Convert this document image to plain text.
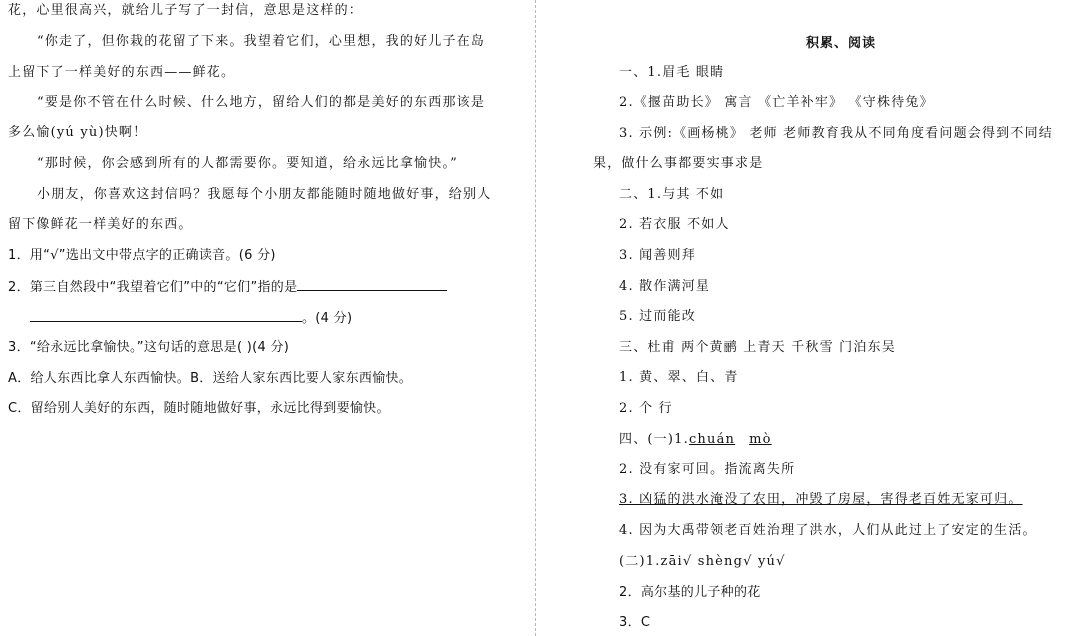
花，心里很高兴，就给儿子写了一封信，意思是这样的：
“你走了，但你栽的花留了下来。我望着它们，心里想，我的好儿子在岛
上留下了一样美好的东西——鲜花。
“要是你不管在什么时候、什么地方，留给人们的都是美好的东西那该是
多么愉(yú yù)快啊！
“那时候，你会感到所有的人都需要你。要知道，给永远比拿愉快。”
小朋友，你喜欢这封信吗？我愿每个小朋友都能随时随地做好事，给别人
留下像鲜花一样美好的东西。
1．用“√”选出文中带点字的正确读音。(6 分)
2．第三自然段中“我望着它们”中的“它们”指的是
。(4 分)
3．“给永远比拿愉快。”这句话的意思是( )(4 分)
A．给人东西比拿人东西愉快。B．送给人家东西比要人家东西愉快。
C．留给别人美好的东西，随时随地做好事，永远比得到要愉快。
积累、阅读
一、1.眉毛 眼睛
2.《揠苗助长》 寓言 《亡羊补牢》 《守株待兔》
3. 示例:《画杨桃》 老师 老师教育我从不同角度看问题会得到不同结
果，做什么事都要实事求是
二、1.与其 不如
2. 若衣服 不如人
3. 闻善则拜
4. 散作满河星
5. 过而能改
三、杜甫 两个黄鹂 上青天 千秋雪 门泊东吴
1. 黄、翠、白、青
2. 个 行
四、(一)1.chuán mò
2. 没有家可回。指流离失所
3. 凶猛的洪水淹没了农田，冲毁了房屋，害得老百姓无家可归。
4. 因为大禹带领老百姓治理了洪水，人们从此过上了安定的生活。
(二)1.zāi√ shèng√ yú√
2．高尔基的儿子种的花
3．C
